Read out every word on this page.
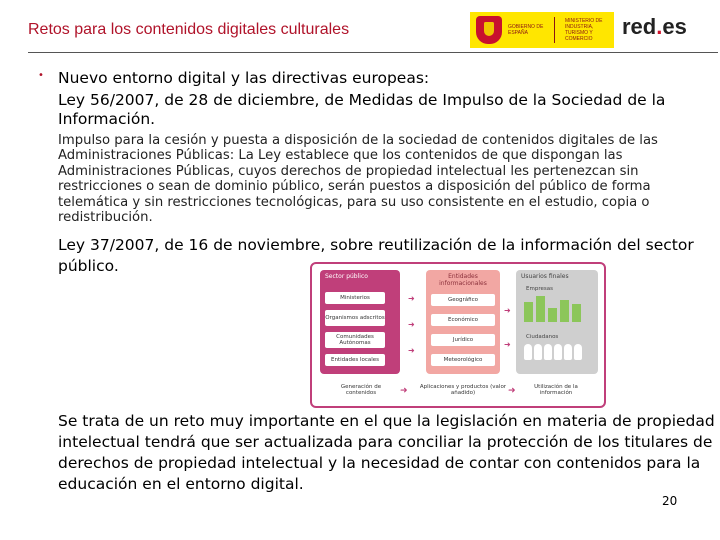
Retos para los contenidos digitales culturales	GOBIERNO DE ESPAÑA
MINISTERIO DE INDUSTRIA, TURISMO Y COMERCIO	red.es
• Nuevo entorno digital y las directivas europeas:
Ley 56/2007, de 28 de diciembre, de Medidas de Impulso de la Sociedad de la Información.
Impulso para la cesión y puesta a disposición de la sociedad de contenidos digitales de las Administraciones Públicas: La Ley establece que los contenidos de que dispongan las Administraciones Públicas, cuyos derechos de propiedad intelectual les pertenezcan sin restricciones o sean de dominio público, serán puestos a disposición del público de forma telemática y sin restricciones tecnológicas, para su uso consistente en el estudio, copia o redistribución.
Ley 37/2007, de 16 de noviembre, sobre reutilización de la información del sector público.
Sector público
Ministerios
Organismos adscritos
Comunidades Autónomas
Entidades locales
➜
➜
➜
Entidades informacionales
Geográfico
Económico
Jurídico
Meteorológico
➜
➜
Usuarios finales
Empresas
Ciudadanos
Generación de contenidos	➜	Aplicaciones y productos (valor añadido)	➜	Utilización de la información
Se trata de un reto muy importante en el que la legislación en materia de propiedad intelectual tendrá que ser actualizada para conciliar la protección de los titulares de derechos de propiedad intelectual y la necesidad de contar con contenidos para la educación en el entorno digital.
20
